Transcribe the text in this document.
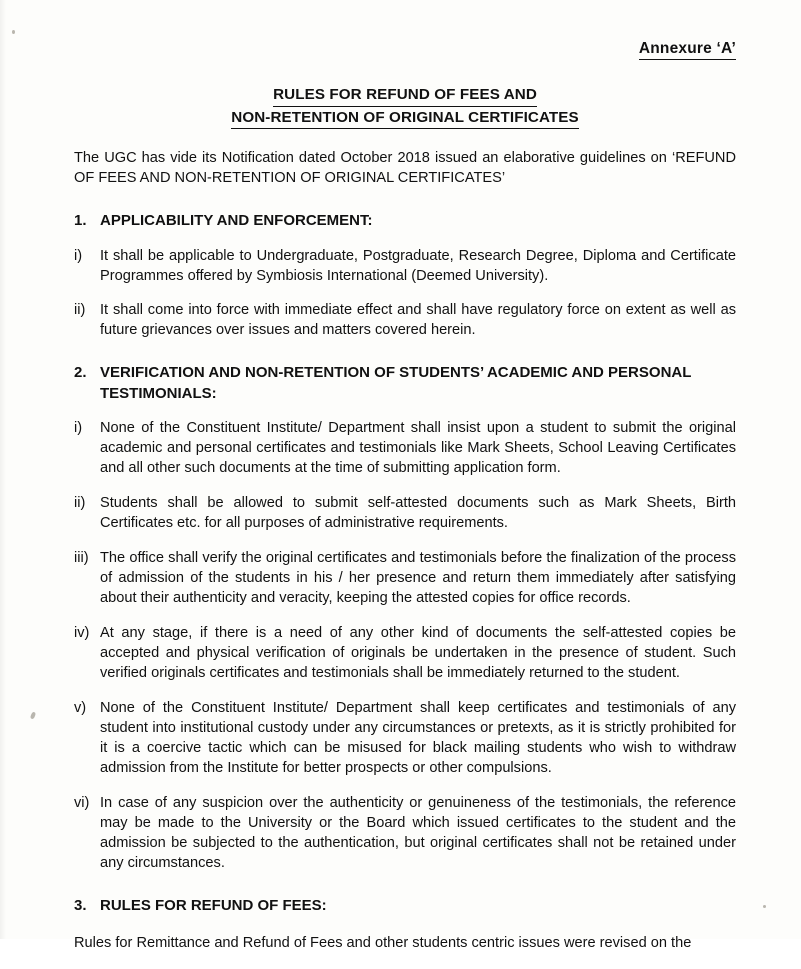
Annexure ‘A’
RULES FOR REFUND OF FEES AND
NON-RETENTION OF ORIGINAL CERTIFICATES

The UGC has vide its Notification dated October 2018 issued an elaborative guidelines on ‘REFUND OF FEES AND NON-RETENTION OF ORIGINAL CERTIFICATES’

1. APPLICABILITY AND ENFORCEMENT:
i)	It shall be applicable to Undergraduate, Postgraduate, Research Degree, Diploma and Certificate Programmes offered by Symbiosis International (Deemed University).
ii)	It shall come into force with immediate effect and shall have regulatory force on extent as well as future grievances over issues and matters covered herein.
2. VERIFICATION AND NON-RETENTION OF STUDENTS’ ACADEMIC AND PERSONAL TESTIMONIALS:
i)	None of the Constituent Institute/ Department shall insist upon a student to submit the original academic and personal certificates and testimonials like Mark Sheets, School Leaving Certificates and all other such documents at the time of submitting application form.
ii)	Students shall be allowed to submit self-attested documents such as Mark Sheets, Birth Certificates etc. for all purposes of administrative requirements.
iii) The office shall verify the original certificates and testimonials before the finalization of the process of admission of the students in his / her presence and return them immediately after satisfying about their authenticity and veracity, keeping the attested copies for office records.
iv) At any stage, if there is a need of any other kind of documents the self-attested copies be accepted and physical verification of originals be undertaken in the presence of student. Such verified originals certificates and testimonials shall be immediately returned to the student.
v) None of the Constituent Institute/ Department shall keep certificates and testimonials of any student into institutional custody under any circumstances or pretexts, as it is strictly prohibited for it is a coercive tactic which can be misused for black mailing students who wish to withdraw admission from the Institute for better prospects or other compulsions.
vi) In case of any suspicion over the authenticity or genuineness of the testimonials, the reference may be made to the University or the Board which issued certificates to the student and the admission be subjected to the authentication, but original certificates shall not be retained under any circumstances.
3. RULES FOR REFUND OF FEES:

Rules for Remittance and Refund of Fees and other students centric issues were revised on the
